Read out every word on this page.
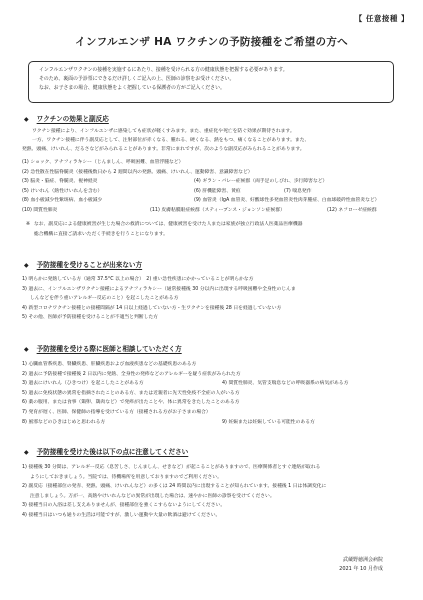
【 任意接種 】
インフルエンザ HA ワクチンの予防接種をご希望の方へ
インフルエンザワクチンの接種を実施するにあたり、接種を受けられる方の健康状態を把握する必要があります。
そのため、裏面の予診票にできるだけ詳しくご記入の上、医師の診察をお受けください。
なお、お子さまの場合、健康状態をよく把握している保護者の方がご記入ください。
◆ ワクチンの効果と副反応

ワクチン接種により、インフルエンザに感染しても症状が軽くすみます。また、重症化や死亡を防ぐ効果が期待されます。

一方、ワクチン接種に伴う副反応として、注射部位が赤くなる、腫れる、硬くなる、熱をもつ、痛くなることがあります。また、

発熱、頭痛、けいれん、だるさなどがみられることがあります。非常にまれですが、次のような副反応がみられることがあります。

(1) ショック、アナフィラキシー（じんましん、呼吸困難、血管浮腫など）
(2) 急性散在性脳脊髄炎（接種後数日から 2 週間以内の発熱、頭痛、けいれん、運動障害、意識障害など）
(3) 脳炎・脳症、脊髄炎、視神経炎	(4) ギラン・バレー症候群（両手足のしびれ、歩行障害など）
(5) けいれん（熱性けいれんを含む）	(6) 肝機能障害、黄疸	(7) 喘息発作
(8) 血小板減少性紫斑病、血小板減少	(9) 血管炎（IgA 血管炎、好酸球性多発血管炎性肉芽腫症、白血球破砕性血管炎など）
(10) 間質性肺炎	(11) 皮膚粘膜眼症候群（スティーブンス・ジョンソン症候群）	(12) ネフローゼ症候群
※ なお、副反応による健康被害が生じた場合の救済については、健康被害を受けた人または家族が独立行政法人医薬品医療機器
総合機構に直接ご請求いただく手続きを行うことになります。
◆ 予防接種を受けることが出来ない方
1) 明らかに発熱している方（通常 37.5°C 以上の場合）　2) 重い急性疾患にかかっていることが明らかな方
3) 過去に、インフルエンザワクチン接種によるアナフィラキシー（通常接種後 30 分以内に出現する呼吸困難や全身性のじんま
しんなどを伴う重いアレルギー反応のこと）を起こしたことがある方
4) 新型コロナワクチン接種との接種間隔が 14 日以上経過していない方・生ワクチンを接種後 28 日を経過していない方
5) その他、医師が予防接種を受けることが不適当と判断した方
◆ 予防接種を受ける際に医師と相談していただく方
1) 心臓血管系疾患、腎臓疾患、肝臓疾患および血液疾患などの基礎疾患のある方
2) 過去に予防接種で接種後 2 日以内に発熱、全身性の発疹などのアレルギーを疑う症状がみられた方
3) 過去にけいれん（ひきつけ）を起こしたことがある方	4) 間質性肺炎、気管支喘息などの呼吸器系の病気がある方
5) 過去に免疫状態の異常を指摘されたことのある方、または近親者に先天性免疫不全症の人がいる方
6) 薬の服用、または食事（鶏卵、鶏肉など）で発疹が出たことや、体に異常をきたしたことのある方
7) 発育が遅く、医師、保健師の指導を受けている方（接種される方がお子さまの場合）
8) 風邪などのひきはじめと思われる方	9) 妊娠または妊娠している可能性のある方
◆ 予防接種を受けた後は以下の点に注意してください
1) 接種後 30 分間は、アレルギー反応（息苦しさ、じんましん、せきなど）が起こることがありますので、医療関係者とすぐ連絡が取れる
ようにしておきましょう。当院では、待機場所を用意しておりますのでご利用ください。
2) 副反応（接種部位の発赤、発熱、頭痛、けいれんなど）の多くは 24 時間以内に出現することが知られています。接種後 1 日は体調変化に
注意しましょう。万が一、高熱やけいれんなどの異常が出現した場合は、速やかに医師の診察を受けてください。
3) 接種当日の入浴は差し支えありませんが、接種部位を強くこすらないようにしてください。
4) 接種当日はいつも通りの生活は可能ですが、激しい運動や大量の飲酒は避けてください。
武蔵野徳洲会病院
2021 年 10 月作成
